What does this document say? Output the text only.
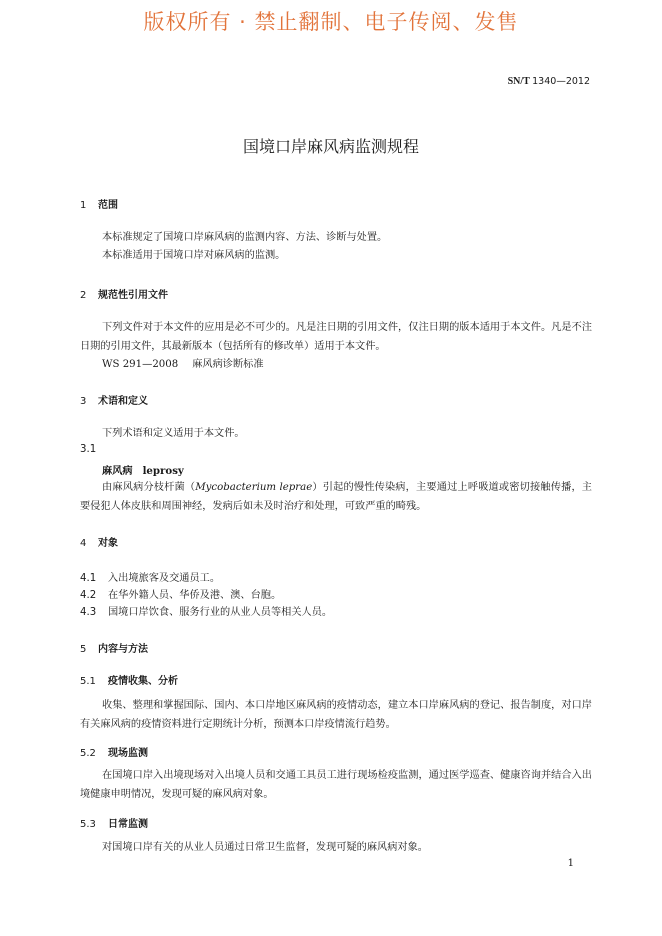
版权所有 · 禁止翻制、电子传阅、发售
SN/T 1340—2012
国境口岸麻风病监测规程
1 范围
本标准规定了国境口岸麻风病的监测内容、方法、诊断与处置。
本标准适用于国境口岸对麻风病的监测。
2 规范性引用文件
下列文件对于本文件的应用是必不可少的。凡是注日期的引用文件，仅注日期的版本适用于本文件。凡是不注日期的引用文件，其最新版本（包括所有的修改单）适用于本文件。
WS 291—2008 麻风病诊断标准
3 术语和定义
下列术语和定义适用于本文件。
3.1
麻风病 leprosy
由麻风病分枝杆菌（Mycobacterium leprae）引起的慢性传染病，主要通过上呼吸道或密切接触传播，主要侵犯人体皮肤和周围神经，发病后如未及时治疗和处理，可致严重的畸残。
4 对象
4.1 入出境旅客及交通员工。
4.2 在华外籍人员、华侨及港、澳、台胞。
4.3 国境口岸饮食、服务行业的从业人员等相关人员。
5 内容与方法
5.1 疫情收集、分析
收集、整理和掌握国际、国内、本口岸地区麻风病的疫情动态，建立本口岸麻风病的登记、报告制度，对口岸有关麻风病的疫情资料进行定期统计分析，预测本口岸疫情流行趋势。
5.2 现场监测
在国境口岸入出境现场对入出境人员和交通工具员工进行现场检疫监测，通过医学巡查、健康咨询并结合入出境健康申明情况，发现可疑的麻风病对象。
5.3 日常监测
对国境口岸有关的从业人员通过日常卫生监督，发现可疑的麻风病对象。
1
